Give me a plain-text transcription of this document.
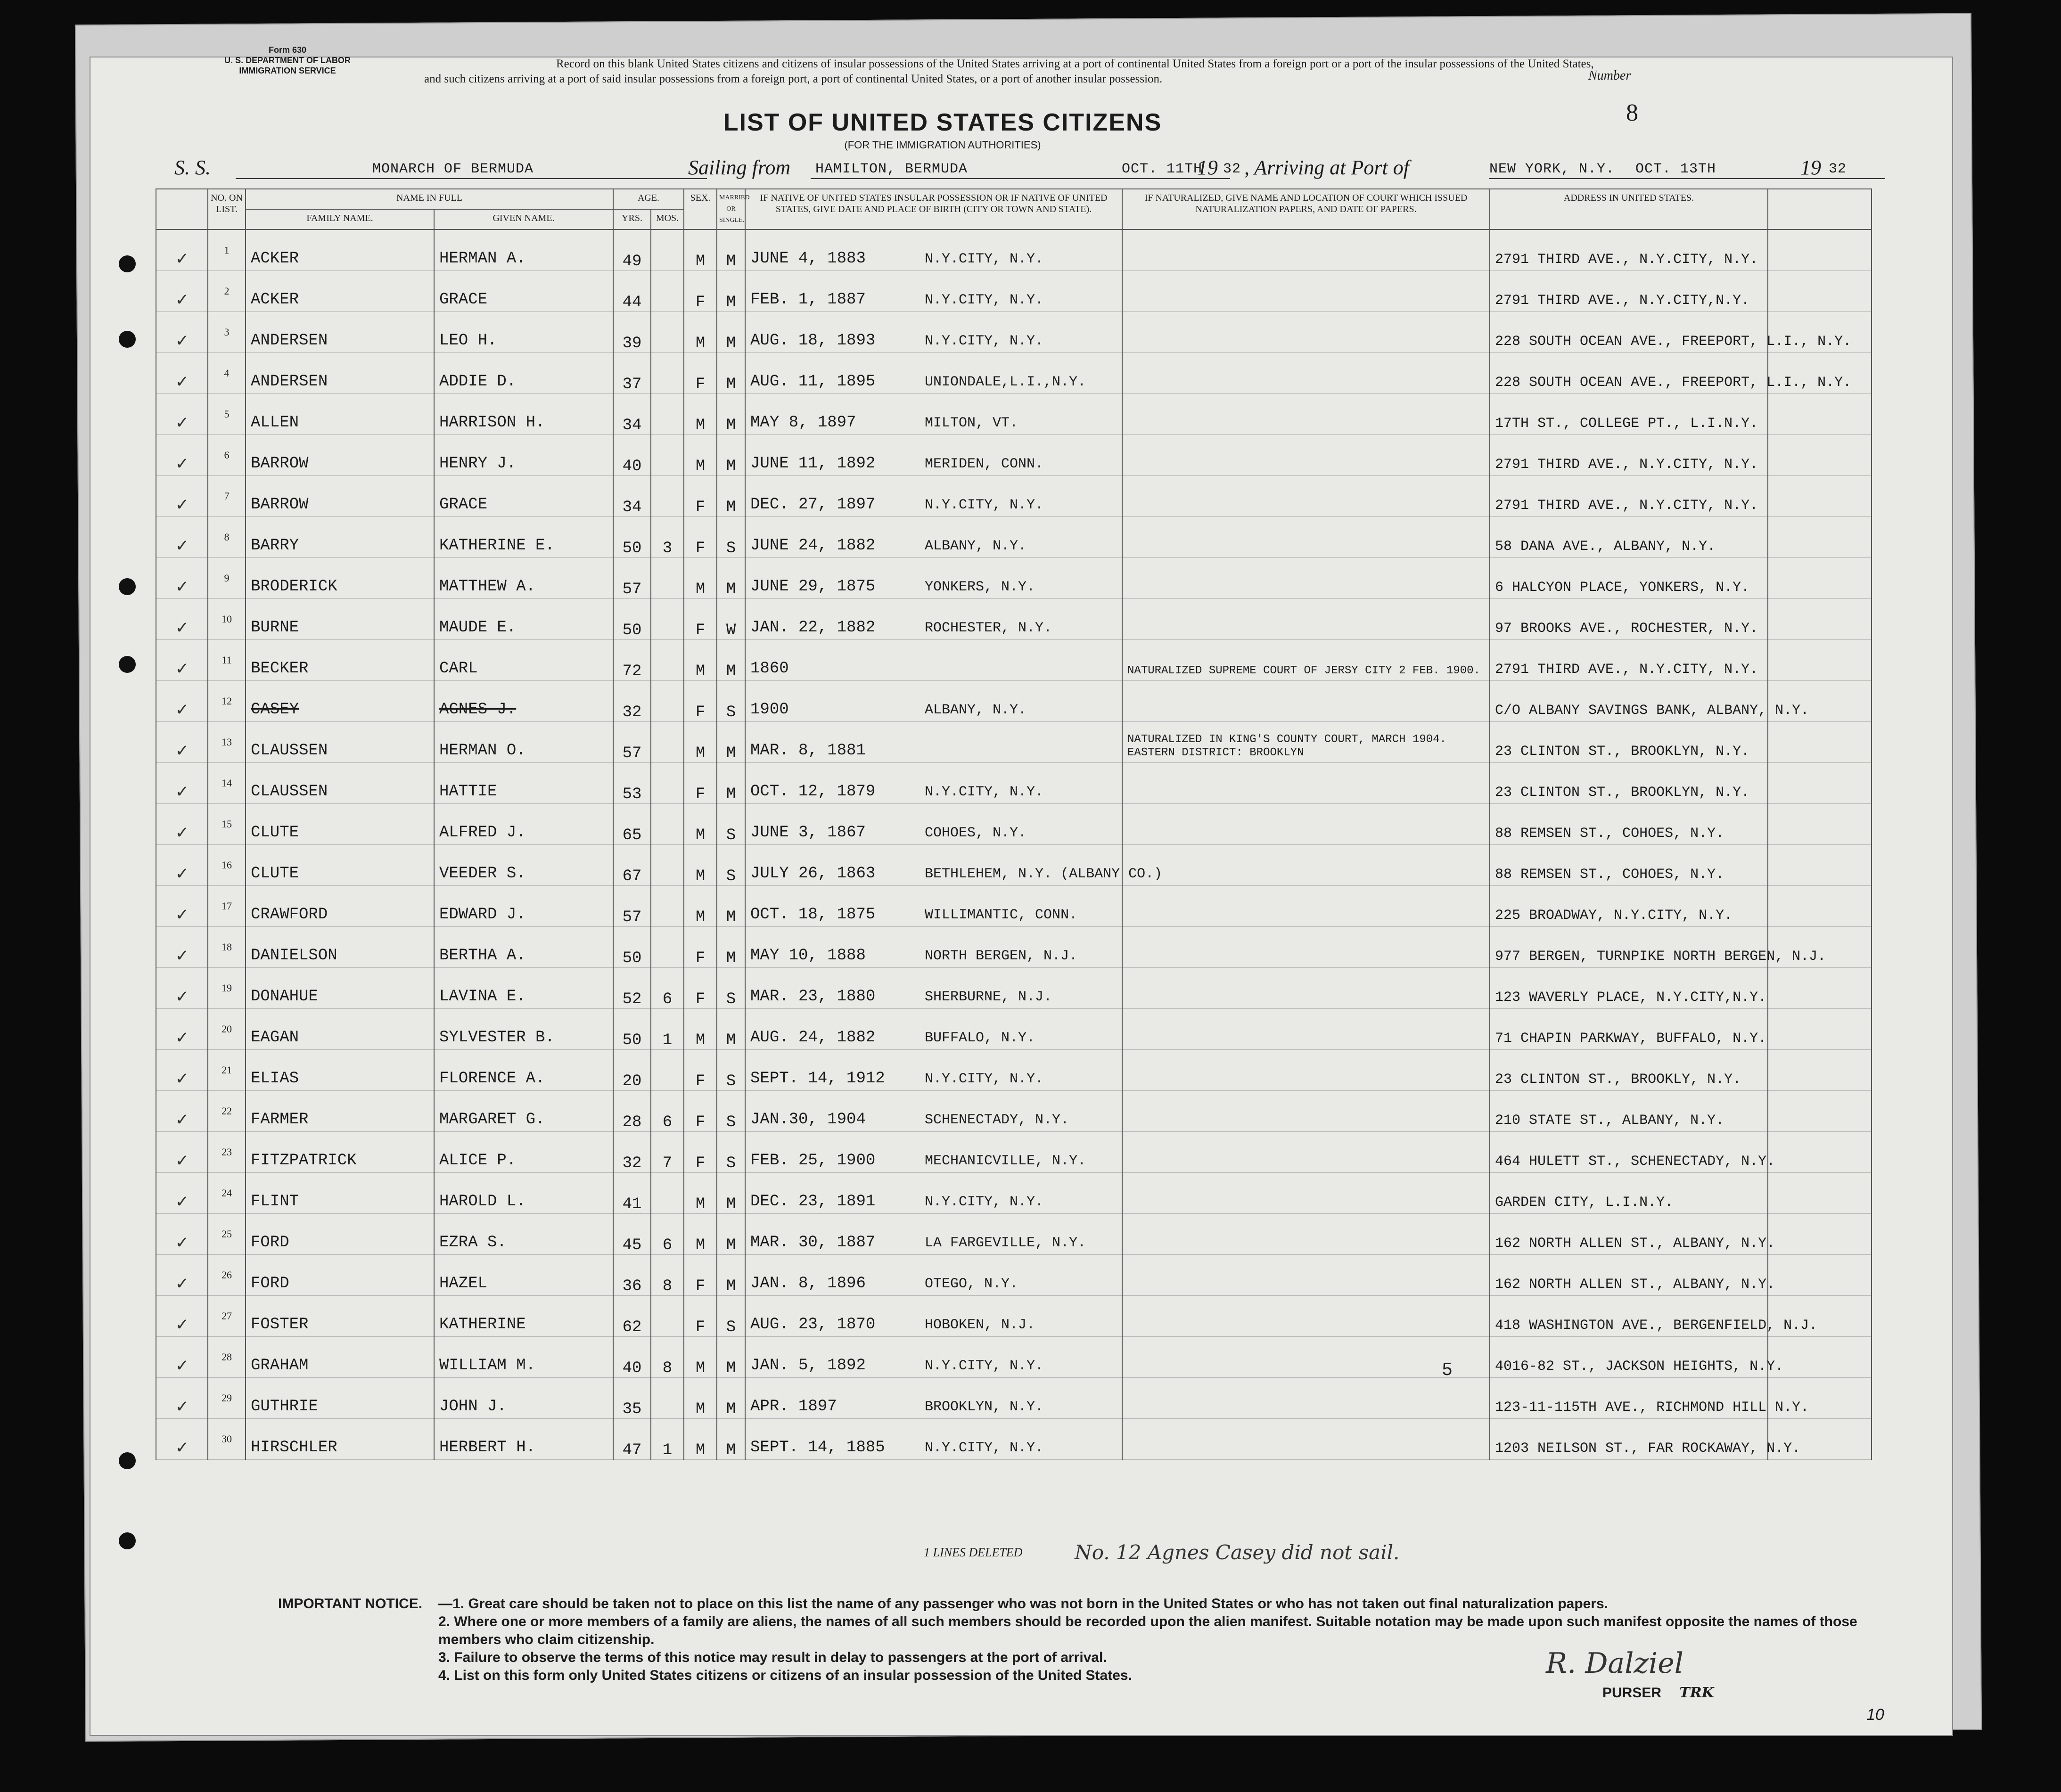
Form 630
U. S. DEPARTMENT OF LABOR
IMMIGRATION SERVICE
Record on this blank United States citizens and citizens of insular possessions of the United States arriving at a port of continental United States from a foreign port or a port of the insular possessions of the United States, and such citizens arriving at a port of said insular possessions from a foreign port, a port of continental United States, or a port of another insular possession.	Number
8
LIST OF UNITED STATES CITIZENS
(FOR THE IMMIGRATION AUTHORITIES)
S. S.	MONARCH OF BERMUDA	Sailing from HAMILTON, BERMUDA	OCT. 11TH
19 32 , Arriving at Port of	NEW YORK, N.Y. OCT. 13TH	19 32
	NO. ON LIST.	NAME IN FULL		AGE.		SEX.	MARRIED OR SINGLE.	IF NATIVE OF UNITED STATES INSULAR POSSESSION OR IF NATIVE OF UNITED STATES, GIVE DATE AND PLACE OF BIRTH (CITY OR TOWN AND STATE).	IF NATURALIZED, GIVE NAME AND LOCATION OF COURT WHICH ISSUED NATURALIZATION PAPERS, AND DATE OF PAPERS.	ADDRESS IN UNITED STATES.	
		FAMILY NAME.	GIVEN NAME.	YRS.	MOS.						
✓	1	ACKER	HERMAN A.	49		M	M	JUNE 4, 1883 N.Y.CITY, N.Y.		2791 THIRD AVE., N.Y.CITY, N.Y.	
✓	2	ACKER	GRACE	44		F	M	FEB. 1, 1887 N.Y.CITY, N.Y.		2791 THIRD AVE., N.Y.CITY,N.Y.	
✓	3	ANDERSEN	LEO H.	39		M	M	AUG. 18, 1893 N.Y.CITY, N.Y.		228 SOUTH OCEAN AVE., FREEPORT, L.I., N.Y.	
✓	4	ANDERSEN	ADDIE D.	37		F	M	AUG. 11, 1895 UNIONDALE,L.I.,N.Y.		228 SOUTH OCEAN AVE., FREEPORT, L.I., N.Y.	
✓	5	ALLEN	HARRISON H.	34		M	M	MAY 8, 1897 MILTON, VT.		17TH ST., COLLEGE PT., L.I.N.Y.	
✓	6	BARROW	HENRY J.	40		M	M	JUNE 11, 1892 MERIDEN, CONN.		2791 THIRD AVE., N.Y.CITY, N.Y.	
✓	7	BARROW	GRACE	34		F	M	DEC. 27, 1897 N.Y.CITY, N.Y.		2791 THIRD AVE., N.Y.CITY, N.Y.	
✓	8	BARRY	KATHERINE E.	50	3	F	S	JUNE 24, 1882 ALBANY, N.Y.		58 DANA AVE., ALBANY, N.Y.	
✓	9	BRODERICK	MATTHEW A.	57		M	M	JUNE 29, 1875 YONKERS, N.Y.		6 HALCYON PLACE, YONKERS, N.Y.	
✓	10	BURNE	MAUDE E.	50		F	W	JAN. 22, 1882 ROCHESTER, N.Y.		97 BROOKS AVE., ROCHESTER, N.Y.	
✓	11	BECKER	CARL	72		M	M	1860	NATURALIZED SUPREME COURT OF JERSY CITY 2 FEB. 1900.	2791 THIRD AVE., N.Y.CITY, N.Y.	
✓	12	CASEY	AGNES J.	32		F	S	1900 ALBANY, N.Y.		C/O ALBANY SAVINGS BANK, ALBANY, N.Y.	
✓	13	CLAUSSEN	HERMAN O.	57		M	M	MAR. 8, 1881	NATURALIZED IN KING'S COUNTY COURT, MARCH 1904. EASTERN DISTRICT: BROOKLYN	23 CLINTON ST., BROOKLYN, N.Y.	
✓	14	CLAUSSEN	HATTIE	53		F	M	OCT. 12, 1879 N.Y.CITY, N.Y.		23 CLINTON ST., BROOKLYN, N.Y.	
✓	15	CLUTE	ALFRED J.	65		M	S	JUNE 3, 1867 COHOES, N.Y.		88 REMSEN ST., COHOES, N.Y.	
✓	16	CLUTE	VEEDER S.	67		M	S	JULY 26, 1863 BETHLEHEM, N.Y. (ALBANY CO.)		88 REMSEN ST., COHOES, N.Y.	
✓	17	CRAWFORD	EDWARD J.	57		M	M	OCT. 18, 1875 WILLIMANTIC, CONN.		225 BROADWAY, N.Y.CITY, N.Y.	
✓	18	DANIELSON	BERTHA A.	50		F	M	MAY 10, 1888 NORTH BERGEN, N.J.		977 BERGEN, TURNPIKE NORTH BERGEN, N.J.	
✓	19	DONAHUE	LAVINA E.	52	6	F	S	MAR. 23, 1880 SHERBURNE, N.J.		123 WAVERLY PLACE, N.Y.CITY,N.Y.	
✓	20	EAGAN	SYLVESTER B.	50	1	M	M	AUG. 24, 1882 BUFFALO, N.Y.		71 CHAPIN PARKWAY, BUFFALO, N.Y.	
✓	21	ELIAS	FLORENCE A.	20		F	S	SEPT. 14, 1912 N.Y.CITY, N.Y.		23 CLINTON ST., BROOKLY, N.Y.	
✓	22	FARMER	MARGARET G.	28	6	F	S	JAN.30, 1904 SCHENECTADY, N.Y.		210 STATE ST., ALBANY, N.Y.	
✓	23	FITZPATRICK	ALICE P.	32	7	F	S	FEB. 25, 1900 MECHANICVILLE, N.Y.		464 HULETT ST., SCHENECTADY, N.Y.	
✓	24	FLINT	HAROLD L.	41		M	M	DEC. 23, 1891 N.Y.CITY, N.Y.		GARDEN CITY, L.I.N.Y.	
✓	25	FORD	EZRA S.	45	6	M	M	MAR. 30, 1887 LA FARGEVILLE, N.Y.		162 NORTH ALLEN ST., ALBANY, N.Y.	
✓	26	FORD	HAZEL	36	8	F	M	JAN. 8, 1896 OTEGO, N.Y.		162 NORTH ALLEN ST., ALBANY, N.Y.	
✓	27	FOSTER	KATHERINE	62		F	S	AUG. 23, 1870 HOBOKEN, N.J.		418 WASHINGTON AVE., BERGENFIELD, N.J.	
✓	28	GRAHAM	WILLIAM M.	40	8	M	M	JAN. 5, 1892 N.Y.CITY, N.Y.		4016-82 ST., JACKSON HEIGHTS, N.Y.	
✓	29	GUTHRIE	JOHN J.	35		M	M	APR. 1897 BROOKLYN, N.Y.		123-11-115TH AVE., RICHMOND HILL N.Y.	
✓	30	HIRSCHLER	HERBERT H.	47	1	M	M	SEPT. 14, 1885 N.Y.CITY, N.Y.		1203 NEILSON ST., FAR ROCKAWAY, N.Y.	
5
1 LINES DELETED	No. 12 Agnes Casey did not sail.
IMPORTANT NOTICE. —1. Great care should be taken not to place on this list the name of any passenger who was not born in the United States or who has not taken out final naturalization papers.
2. Where one or more members of a family are aliens, the names of all such members should be recorded upon the alien manifest. Suitable notation may be made upon such manifest opposite the names of those members who claim citizenship.
3. Failure to observe the terms of this notice may result in delay to passengers at the port of arrival.
4. List on this form only United States citizens or citizens of an insular possession of the United States.	R. Dalziel
PURSER TRK
10
